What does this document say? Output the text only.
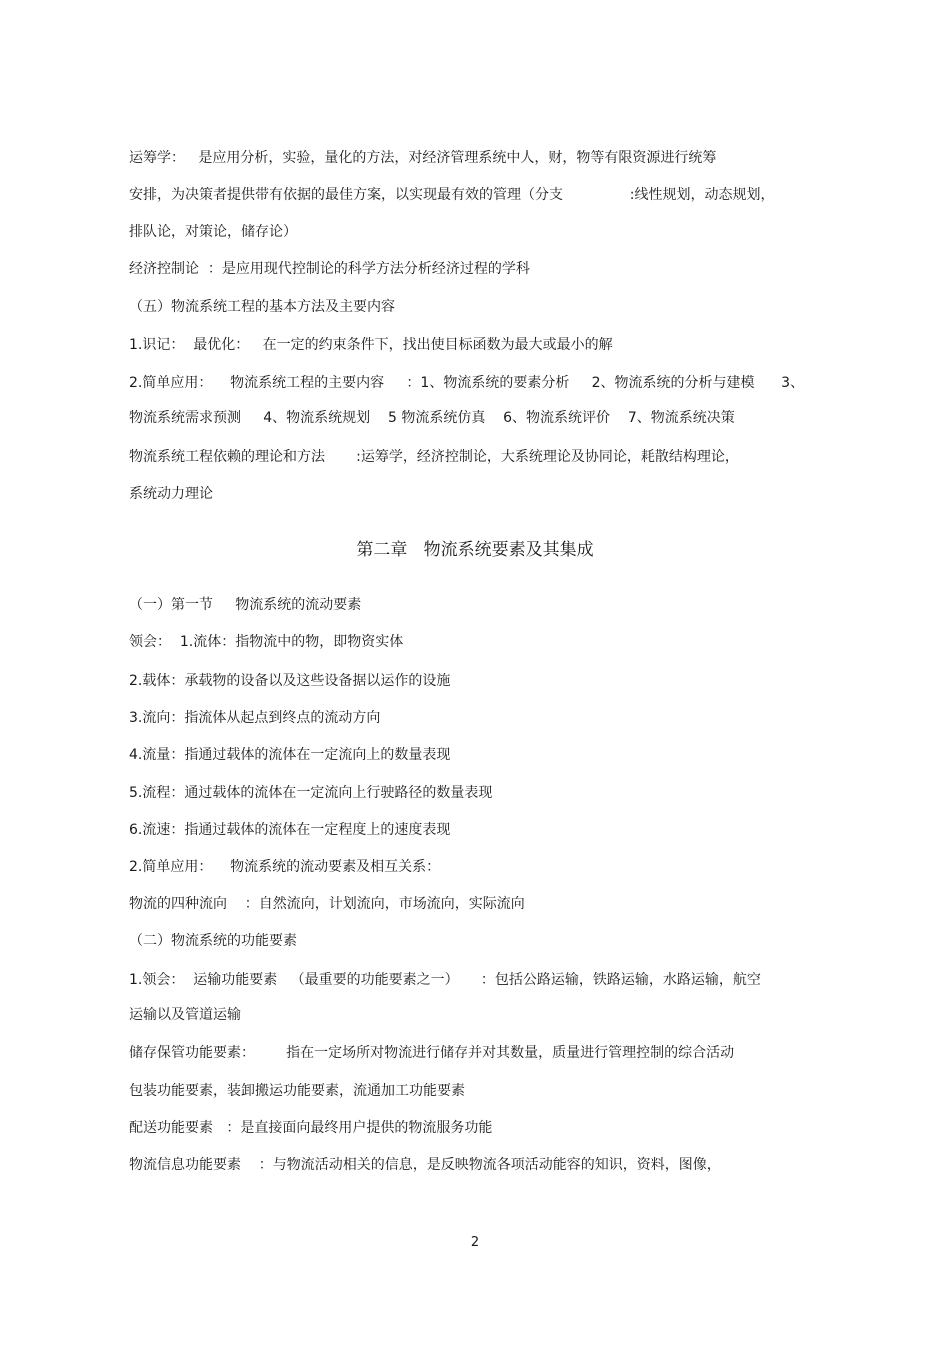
运筹学：   是应用分析，实验，量化的方法，对经济管理系统中人，财，物等有限资源进行统筹

安排，为决策者提供带有依据的最佳方案，以实现最有效的管理（分支               :线性规划，动态规划，

排队论，对策论，储存论）

经济控制论  ：是应用现代控制论的科学方法分析经济过程的学科

（五）物流系统工程的基本方法及主要内容

1.识记：  最优化：   在一定的约束条件下，找出使目标函数为最大或最小的解

2.简单应用：    物流系统工程的主要内容     ：1、物流系统的要素分析     2、物流系统的分析与建模      3、

物流系统需求预测     4、物流系统规划    5 物流系统仿真    6、物流系统评价    7、物流系统决策

物流系统工程依赖的理论和方法       :运筹学，经济控制论，大系统理论及协同论，耗散结构理论，

系统动力理论

第二章   物流系统要素及其集成

（一）第一节     物流系统的流动要素

领会：  1.流体：指物流中的物，即物资实体

2.载体：承载物的设备以及这些设备据以运作的设施

3.流向：指流体从起点到终点的流动方向

4.流量：指通过载体的流体在一定流向上的数量表现

5.流程：通过载体的流体在一定流向上行驶路径的数量表现

6.流速：指通过载体的流体在一定程度上的速度表现

2.简单应用：    物流系统的流动要素及相互关系：

物流的四种流向    ：自然流向，计划流向，市场流向，实际流向

（二）物流系统的功能要素

1.领会：  运输功能要素   （最重要的功能要素之一）     ：包括公路运输，铁路运输，水路运输，航空

运输以及管道运输

储存保管功能要素：       指在一定场所对物流进行储存并对其数量，质量进行管理控制的综合活动

包装功能要素，装卸搬运功能要素，流通加工功能要素

配送功能要素   ：是直接面向最终用户提供的物流服务功能

物流信息功能要素    ：与物流活动相关的信息，是反映物流各项活动能容的知识，资料，图像，

2
